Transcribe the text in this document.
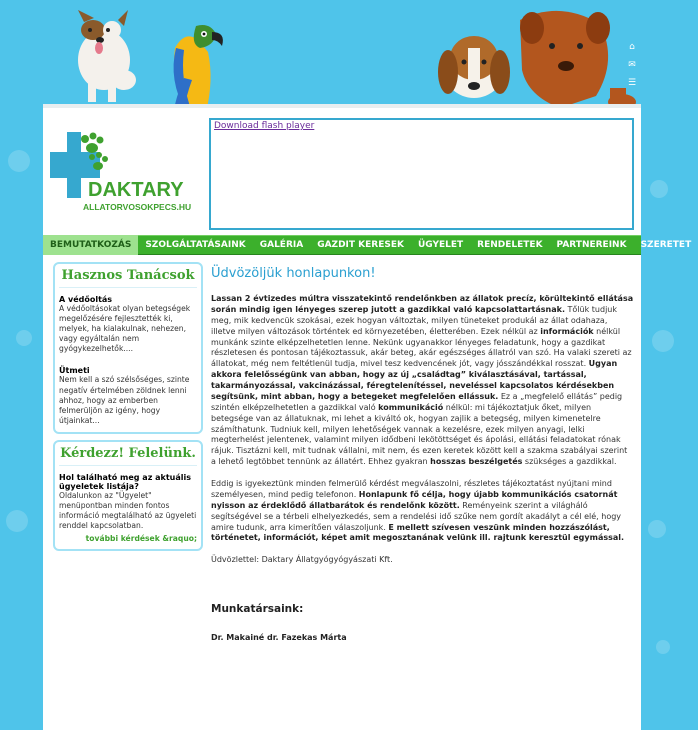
⌂
✉
☰
DAKTARY
ALLATORVOSOKPECS.HU
Download flash player
BEMUTATKOZÁS	SZOLGÁLTATÁSAINK	GALÉRIA	GAZDIT KERESEK	ÜGYELET	RENDELETEK	PARTNEREINK	SZERETET
Hasznos Tanácsok
A védőoltás

A védőoltásokat olyan betegségek megelőzésére fejlesztették ki, melyek, ha kialakulnak, nehezen, vagy egyáltalán nem gyógykezelhetők....

Ütmeti

Nem kell a szó szélsőséges, szinte negatív értelmében zöldnek lenni ahhoz, hogy az emberben felmerüljön az igény, hogy útjainkat...

Kérdezz! Felelünk.
Hol található meg az aktuális ügyeletek listája?

Oldalunkon az "Ügyelet" menüpontban minden fontos információ megtalálható az ügyeleti renddel kapcsolatban.

további kérdések &raquo;
Üdvözöljük honlapunkon!

Lassan 2 évtizedes múltra visszatekintő rendelőnkben az állatok precíz, körültekintő ellátása során mindig igen lényeges szerep jutott a gazdikkal való kapcsolattartásnak. Tőlük tudjuk meg, mik kedvencük szokásai, ezek hogyan változtak, milyen tüneteket produkál az állat odahaza, illetve milyen változások történtek ed környezetében, életterében. Ezek nélkül az információk nélkül munkánk szinte elképzelhetetlen lenne. Nekünk ugyanakkor lényeges feladatunk, hogy a gazdikat részletesen és pontosan tájékoztassuk, akár beteg, akár egészséges állatról van szó. Ha valaki szereti az állatokat, még nem feltétlenül tudja, mivel tesz kedvencének jót, vagy jósszándékkal rosszat. Ugyan akkora felelősségünk van abban, hogy az új „családtag” kiválasztásával, tartással, takarmányozással, vakcinázással, féregtelenítéssel, neveléssel kapcsolatos kérdésekben segítsünk, mint abban, hogy a betegeket megfelelően ellássuk. Ez a „megfelelő ellátás” pedig szintén elképzelhetetlen a gazdikkal való kommunikáció nélkül: mi tájékoztatjuk őket, milyen betegsége van az állatuknak, mi lehet a kiváltó ok, hogyan zajlik a betegség, milyen kimenetelre számíthatunk. Tudniuk kell, milyen lehetőségek vannak a kezelésre, ezek milyen anyagi, lelki megterhelést jelentenek, valamint milyen idődbeni lekötöttséget és ápolási, ellátási feladatokat rónak rájuk. Tisztázni kell, mit tudnak vállalni, mit nem, és ezen keretek között kell a szakma szabályai szerint a lehető legtöbbet tennünk az állatért. Ehhez gyakran hosszas beszélgetés szükséges a gazdikkal.

Eddig is igyekeztünk minden felmerülő kérdést megválaszolni, részletes tájékoztatást nyújtani mind személyesen, mind pedig telefonon. Honlapunk fő célja, hogy újabb kommunikációs csatornát nyisson az érdeklődő állatbarátok és rendelőnk között. Reményeink szerint a világháló segítségével se a térbeli elhelyezkedés, sem a rendelési idő szűke nem gordít akadályt a cél elé, hogy amire tudunk, arra kimerítően válaszoljunk. E mellett szívesen veszünk minden hozzászólást, történetet, információt, képet amit megosztanának velünk ill. rajtunk keresztül egymással.

Üdvözlettel: Daktary Állatgyógyógyászati Kft.

Munkatársaink:
Dr. Makainé dr. Fazekas Márta
